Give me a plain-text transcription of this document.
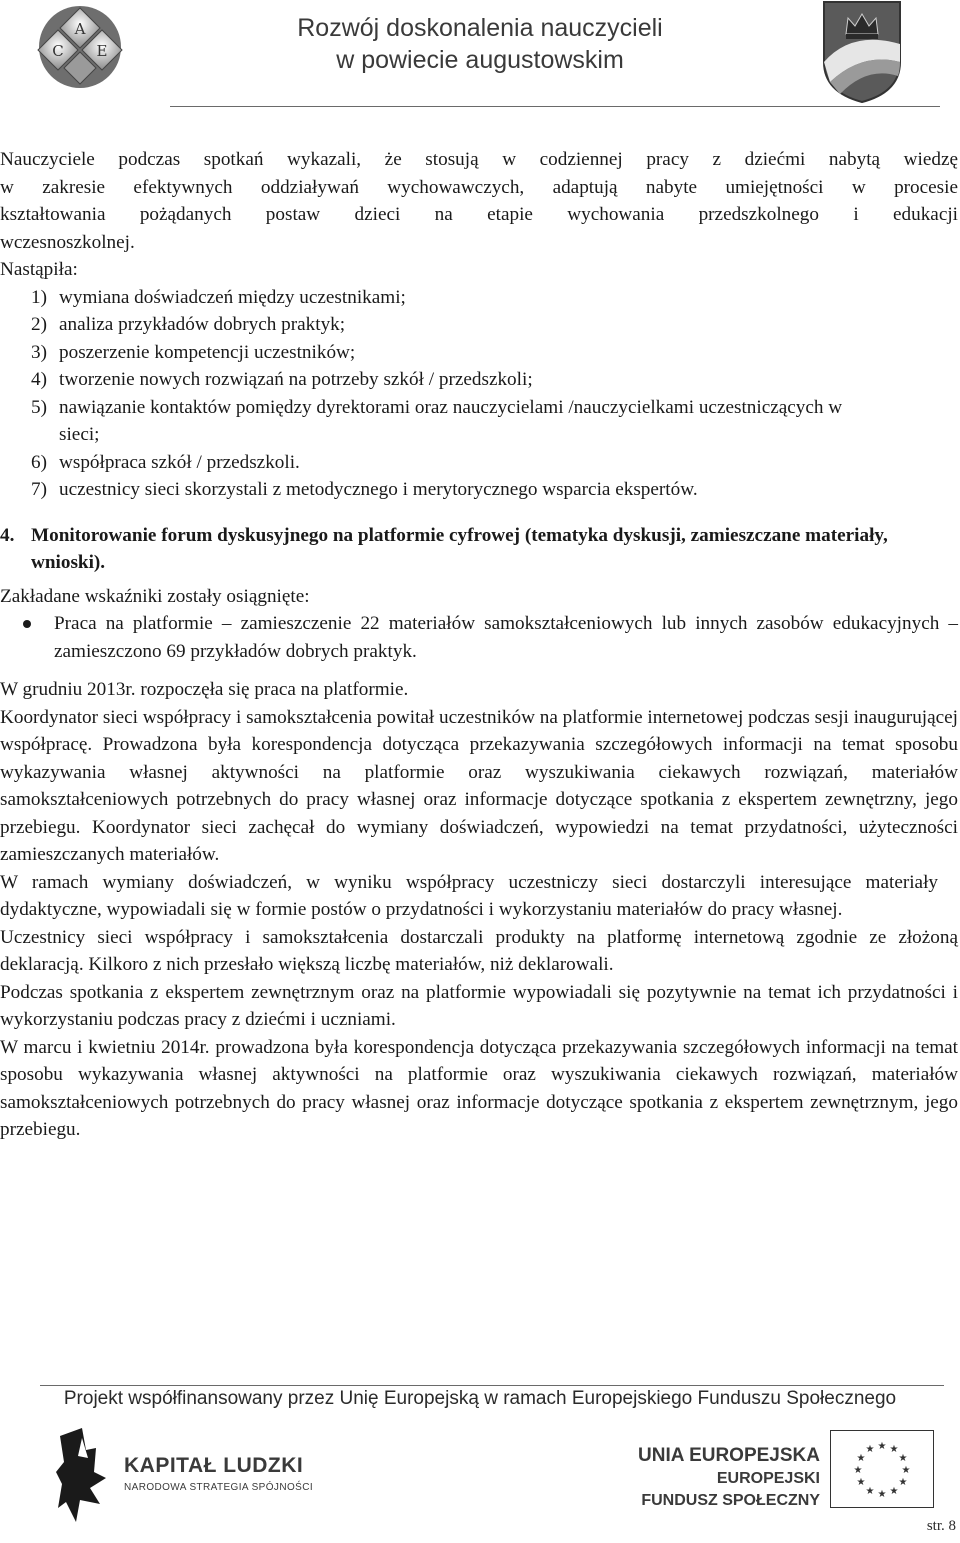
A
C E
Rozwój doskonalenia nauczycieli
w powiecie augustowskim
Nauczyciele podczas spotkań wykazali, że stosują w codziennej pracy z dziećmi nabytą wiedzę
w zakresie efektywnych oddziaływań wychowawczych, adaptują nabyte umiejętności w procesie
kształtowania pożądanych postaw dzieci na etapie wychowania przedszkolnego i edukacji
wczesnoszkolnej.
Nastąpiła:
1) wymiana doświadczeń między uczestnikami;
2) analiza przykładów dobrych praktyk;
3) poszerzenie kompetencji uczestników;
4) tworzenie nowych rozwiązań na potrzeby szkół / przedszkoli;
5) nawiązanie kontaktów pomiędzy dyrektorami oraz nauczycielami /nauczycielkami uczestniczących w sieci;
6) współpraca szkół / przedszkoli.
7) uczestnicy sieci skorzystali z metodycznego i merytorycznego wsparcia ekspertów.
4. Monitorowanie forum dyskusyjnego na platformie cyfrowej (tematyka dyskusji, zamieszczane materiały, wnioski).
Zakładane wskaźniki zostały osiągnięte:
Praca na platformie – zamieszczenie 22 materiałów samokształceniowych lub innych zasobów edukacyjnych – zamieszczono 69 przykładów dobrych praktyk.
W grudniu 2013r. rozpoczęła się praca na platformie.
Koordynator sieci współpracy i samokształcenia powitał uczestników na platformie internetowej podczas sesji inaugurującej współpracę. Prowadzona była korespondencja dotycząca przekazywania szczegółowych informacji na temat sposobu wykazywania własnej aktywności na platformie oraz wyszukiwania ciekawych rozwiązań, materiałów samokształceniowych potrzebnych do pracy własnej oraz informacje dotyczące spotkania z ekspertem zewnętrzny, jego przebiegu. Koordynator sieci zachęcał do wymiany doświadczeń, wypowiedzi na temat przydatności, użyteczności zamieszczanych materiałów.
W ramach wymiany doświadczeń, w wyniku współpracy uczestniczy sieci dostarczyli interesujące materiały dydaktyczne, wypowiadali się w formie postów o przydatności i wykorzystaniu materiałów do pracy własnej.
Uczestnicy sieci współpracy i samokształcenia dostarczali produkty na platformę internetową zgodnie ze złożoną deklaracją. Kilkoro z nich przesłało większą liczbę materiałów, niż deklarowali.
Podczas spotkania z ekspertem zewnętrznym oraz na platformie wypowiadali się pozytywnie na temat ich przydatności i wykorzystaniu podczas pracy z dziećmi i uczniami.
W marcu i kwietniu 2014r. prowadzona była korespondencja dotycząca przekazywania szczegółowych informacji na temat sposobu wykazywania własnej aktywności na platformie oraz wyszukiwania ciekawych rozwiązań, materiałów samokształceniowych potrzebnych do pracy własnej oraz informacje dotyczące spotkania z ekspertem zewnętrznym, jego przebiegu.
Projekt współfinansowany przez Unię Europejską w ramach Europejskiego Funduszu Społecznego
KAPITAŁ LUDZKI
NARODOWA STRATEGIA SPÓJNOŚCI
UNIA EUROPEJSKA
EUROPEJSKI
FUNDUSZ SPOŁECZNY
★ ★
★
★
★
★
★
★
★
★
★
★
str. 8
